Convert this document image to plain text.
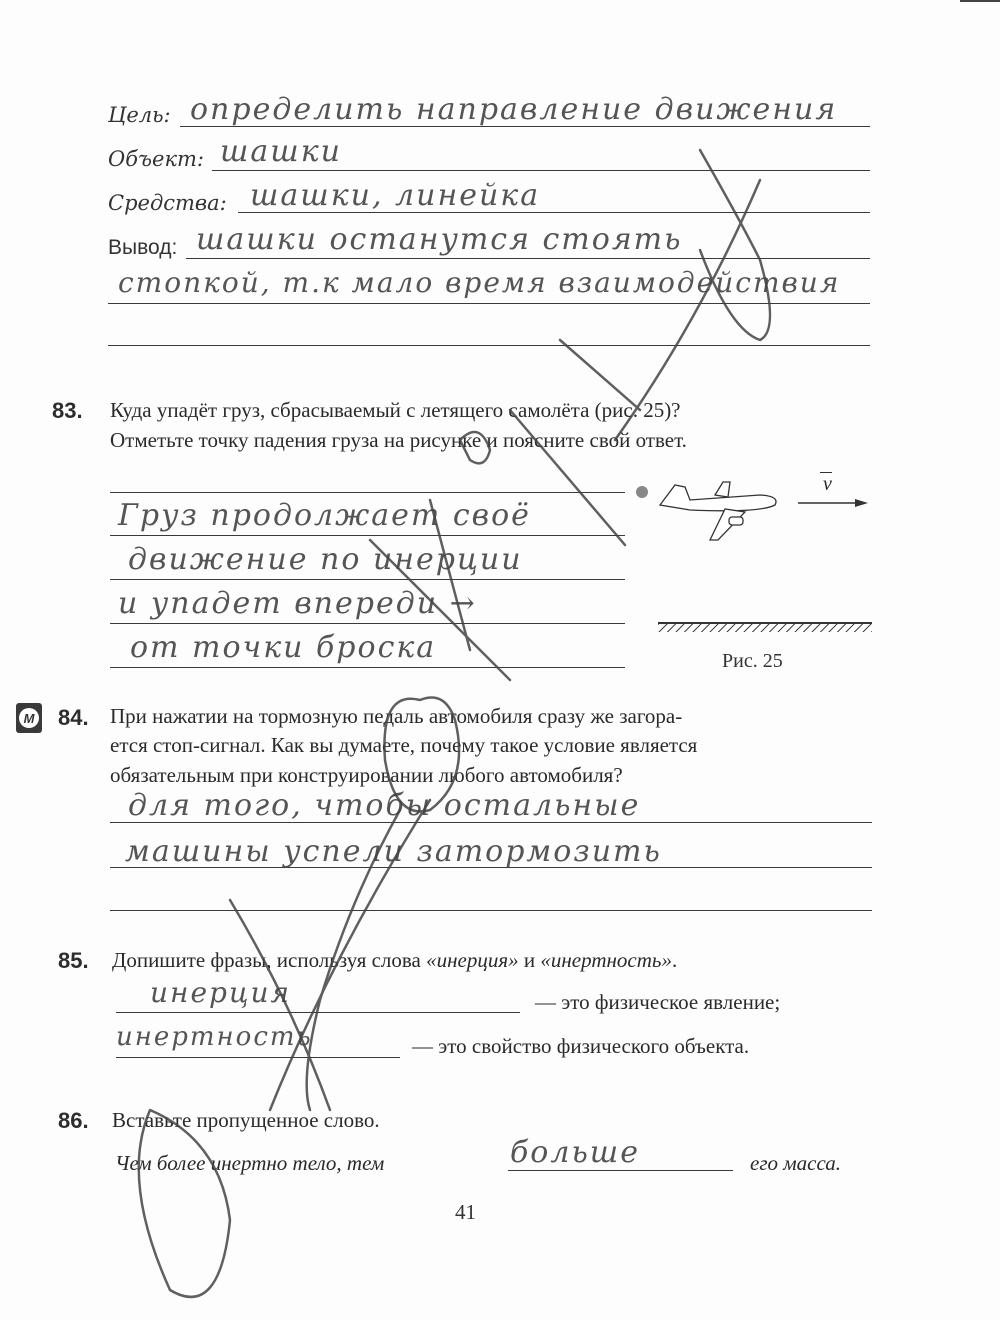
Цель: определить направление движения
Объект: шашки
Средства: шашки, линейка
Вывод: шашки останутся стоять
стопкой, т.к мало время взаимодействия
83. Куда упадёт груз, сбрасываемый с летящего самолёта (рис. 25)?
Отметьте точку падения груза на рисунке и поясните свой ответ.
Груз продолжает своё
движение по инерции
и упадет впереди →
от точки броска
v
Рис. 25
М 84. При нажатии на тормозную педаль автомобиля сразу же загора-
ется стоп-сигнал. Как вы думаете, почему такое условие является
обязательным при конструировании любого автомобиля?
для того, чтобы остальные
машины успели затормозить
85. Допишите фразы, используя слова «инерция» и «инертность».
инерция	— это физическое явление;
инертность	— это свойство физического объекта.
86. Вставьте пропущенное слово.
Чем более инертно тело, тем	больше	его масса.
41
